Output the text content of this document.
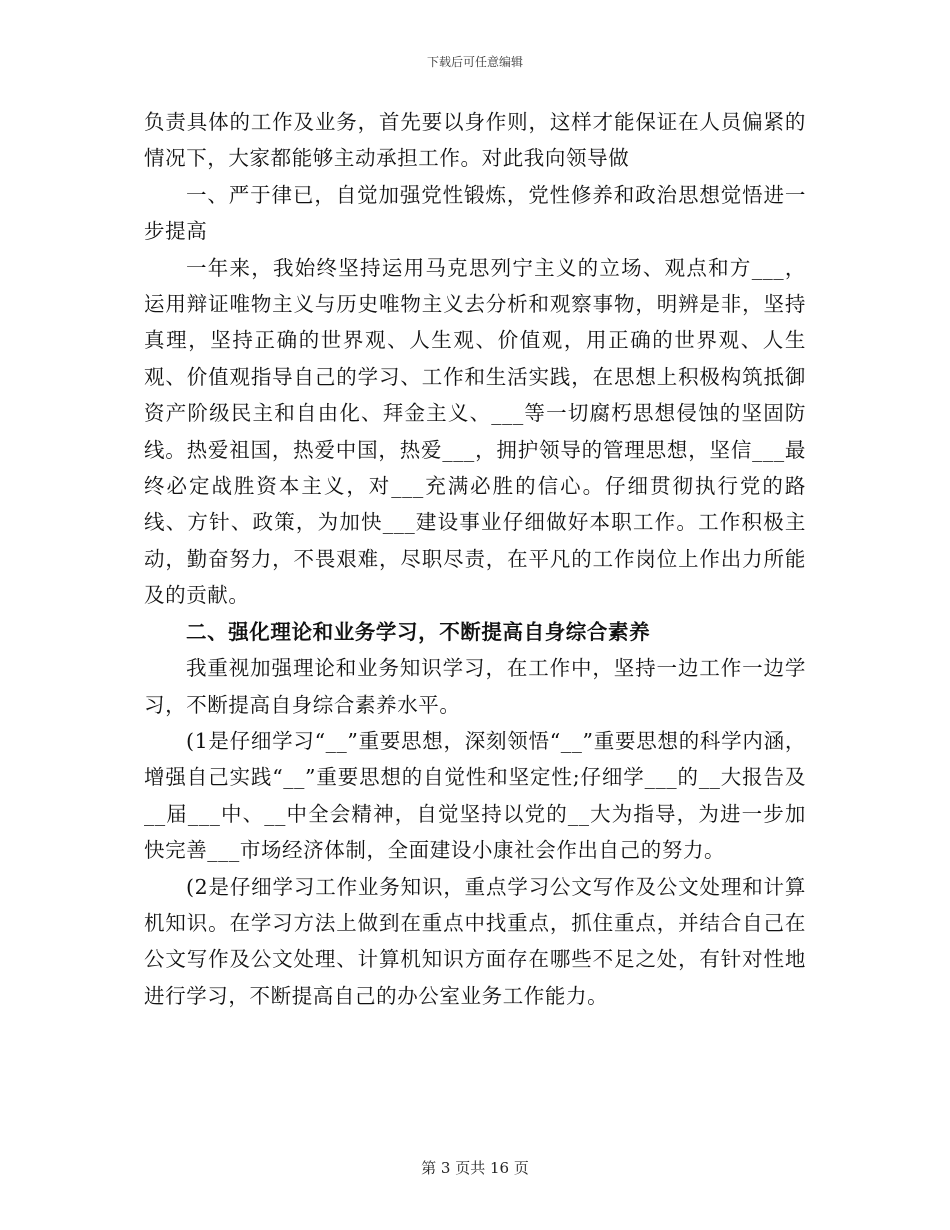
下载后可任意编辑

负责具体的工作及业务，首先要以身作则，这样才能保证在人员偏紧的情况下，大家都能够主动承担工作。对此我向领导做

一、严于律已，自觉加强党性锻炼，党性修养和政治思想觉悟进一步提高

一年来，我始终坚持运用马克思列宁主义的立场、观点和方___，运用辩证唯物主义与历史唯物主义去分析和观察事物，明辨是非，坚持真理，坚持正确的世界观、人生观、价值观，用正确的世界观、人生观、价值观指导自己的学习、工作和生活实践，在思想上积极构筑抵御资产阶级民主和自由化、拜金主义、___等一切腐朽思想侵蚀的坚固防线。热爱祖国，热爱中国，热爱___，拥护领导的管理思想，坚信___最终必定战胜资本主义，对___充满必胜的信心。仔细贯彻执行党的路线、方针、政策，为加快___建设事业仔细做好本职工作。工作积极主动，勤奋努力，不畏艰难，尽职尽责，在平凡的工作岗位上作出力所能及的贡献。

二、强化理论和业务学习，不断提高自身综合素养

我重视加强理论和业务知识学习，在工作中，坚持一边工作一边学习，不断提高自身综合素养水平。

(1是仔细学习“__”重要思想，深刻领悟“__”重要思想的科学内涵，增强自己实践“__”重要思想的自觉性和坚定性;仔细学___的__大报告及__届___中、__中全会精神，自觉坚持以党的__大为指导，为进一步加快完善___市场经济体制，全面建设小康社会作出自己的努力。

(2是仔细学习工作业务知识，重点学习公文写作及公文处理和计算机知识。在学习方法上做到在重点中找重点，抓住重点，并结合自己在公文写作及公文处理、计算机知识方面存在哪些不足之处，有针对性地进行学习，不断提高自己的办公室业务工作能力。

第 3 页共 16 页
